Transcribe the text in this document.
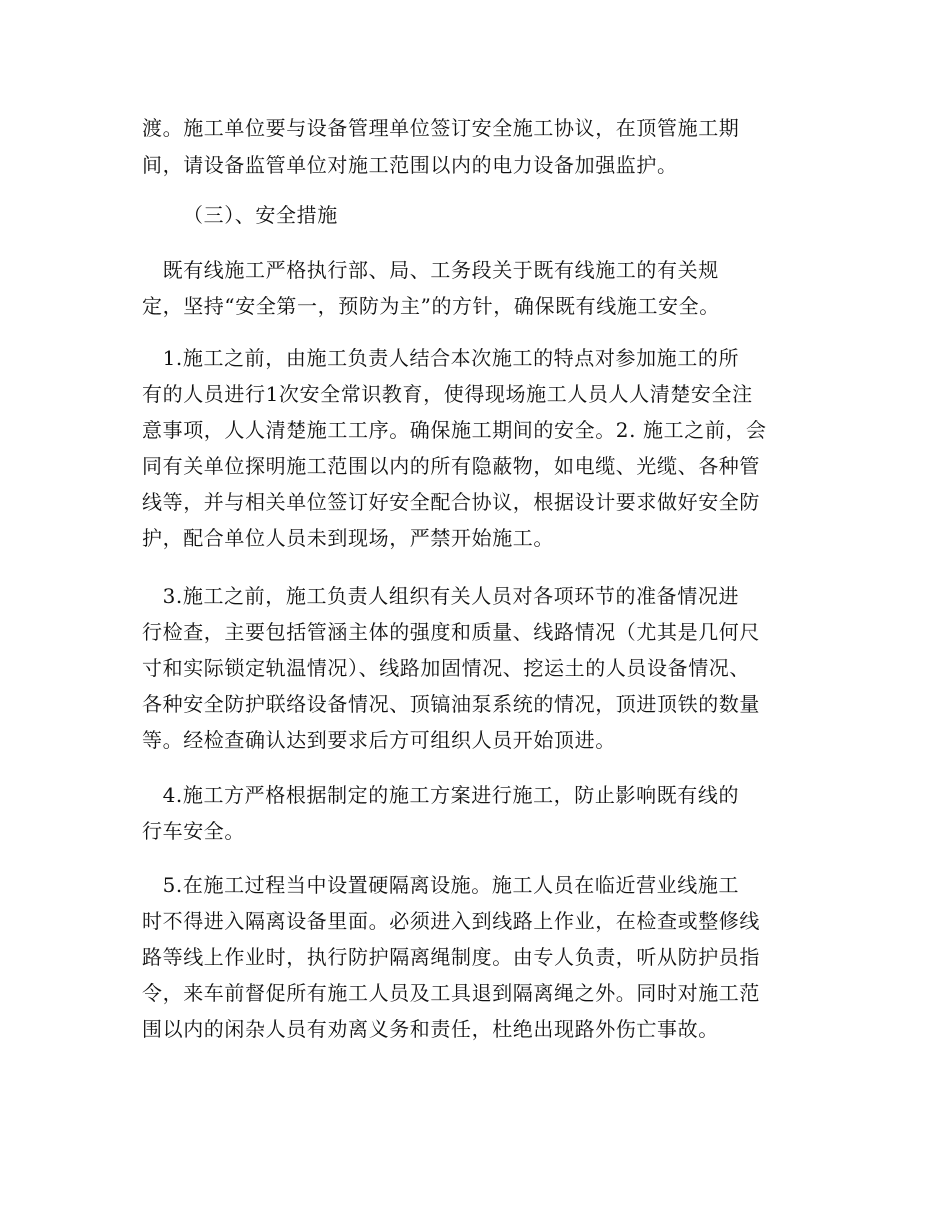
渡。施工单位要与设备管理单位签订安全施工协议，在顶管施工期
间，请设备监管单位对施工范围以内的电力设备加强监护。
（三）、安全措施
　既有线施工严格执行部、局、工务段关于既有线施工的有关规
定，坚持“安全第一，预防为主”的方针，确保既有线施工安全。
　1.施工之前，由施工负责人结合本次施工的特点对参加施工的所
有的人员进行1次安全常识教育，使得现场施工人员人人清楚安全注
意事项，人人清楚施工工序。确保施工期间的安全。2. 施工之前，会
同有关单位探明施工范围以内的所有隐蔽物，如电缆、光缆、各种管
线等，并与相关单位签订好安全配合协议，根据设计要求做好安全防
护，配合单位人员未到现场，严禁开始施工。
　3.施工之前，施工负责人组织有关人员对各项环节的准备情况进
行检查，主要包括管涵主体的强度和质量、线路情况（尤其是几何尺
寸和实际锁定轨温情况）、线路加固情况、挖运土的人员设备情况、
各种安全防护联络设备情况、顶镐油泵系统的情况，顶进顶铁的数量
等。经检查确认达到要求后方可组织人员开始顶进。
　4.施工方严格根据制定的施工方案进行施工，防止影响既有线的
行车安全。
　5.在施工过程当中设置硬隔离设施。施工人员在临近营业线施工
时不得进入隔离设备里面。必须进入到线路上作业，在检查或整修线
路等线上作业时，执行防护隔离绳制度。由专人负责，听从防护员指
令，来车前督促所有施工人员及工具退到隔离绳之外。同时对施工范
围以内的闲杂人员有劝离义务和责任，杜绝出现路外伤亡事故。
